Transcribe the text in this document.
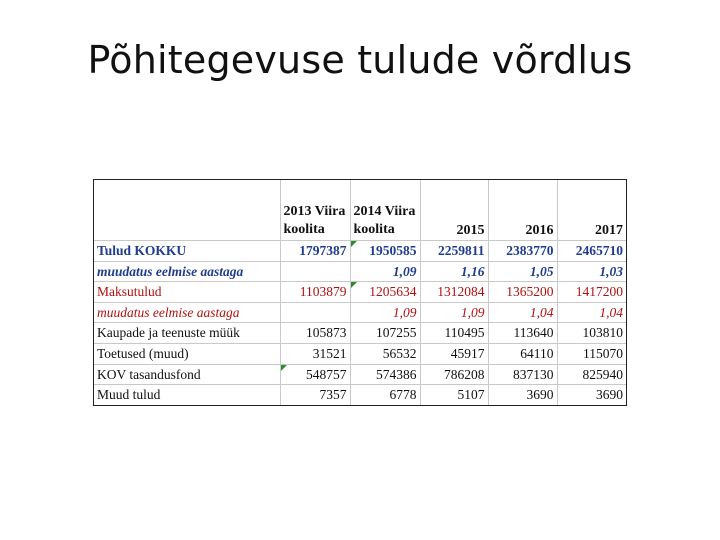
Põhitegevuse tulude võrdlus
	2013 Viira koolita	2014 Viira koolita	2015	2016	2017
Tulud KOKKU	1797387	1950585	2259811	2383770	2465710
muudatus eelmise aastaga		1,09	1,16	1,05	1,03
Maksutulud	1103879	1205634	1312084	1365200	1417200
muudatus eelmise aastaga		1,09	1,09	1,04	1,04
Kaupade ja teenuste müük	105873	107255	110495	113640	103810
Toetused (muud)	31521	56532	45917	64110	115070
KOV tasandusfond	548757	574386	786208	837130	825940
Muud tulud	7357	6778	5107	3690	3690
